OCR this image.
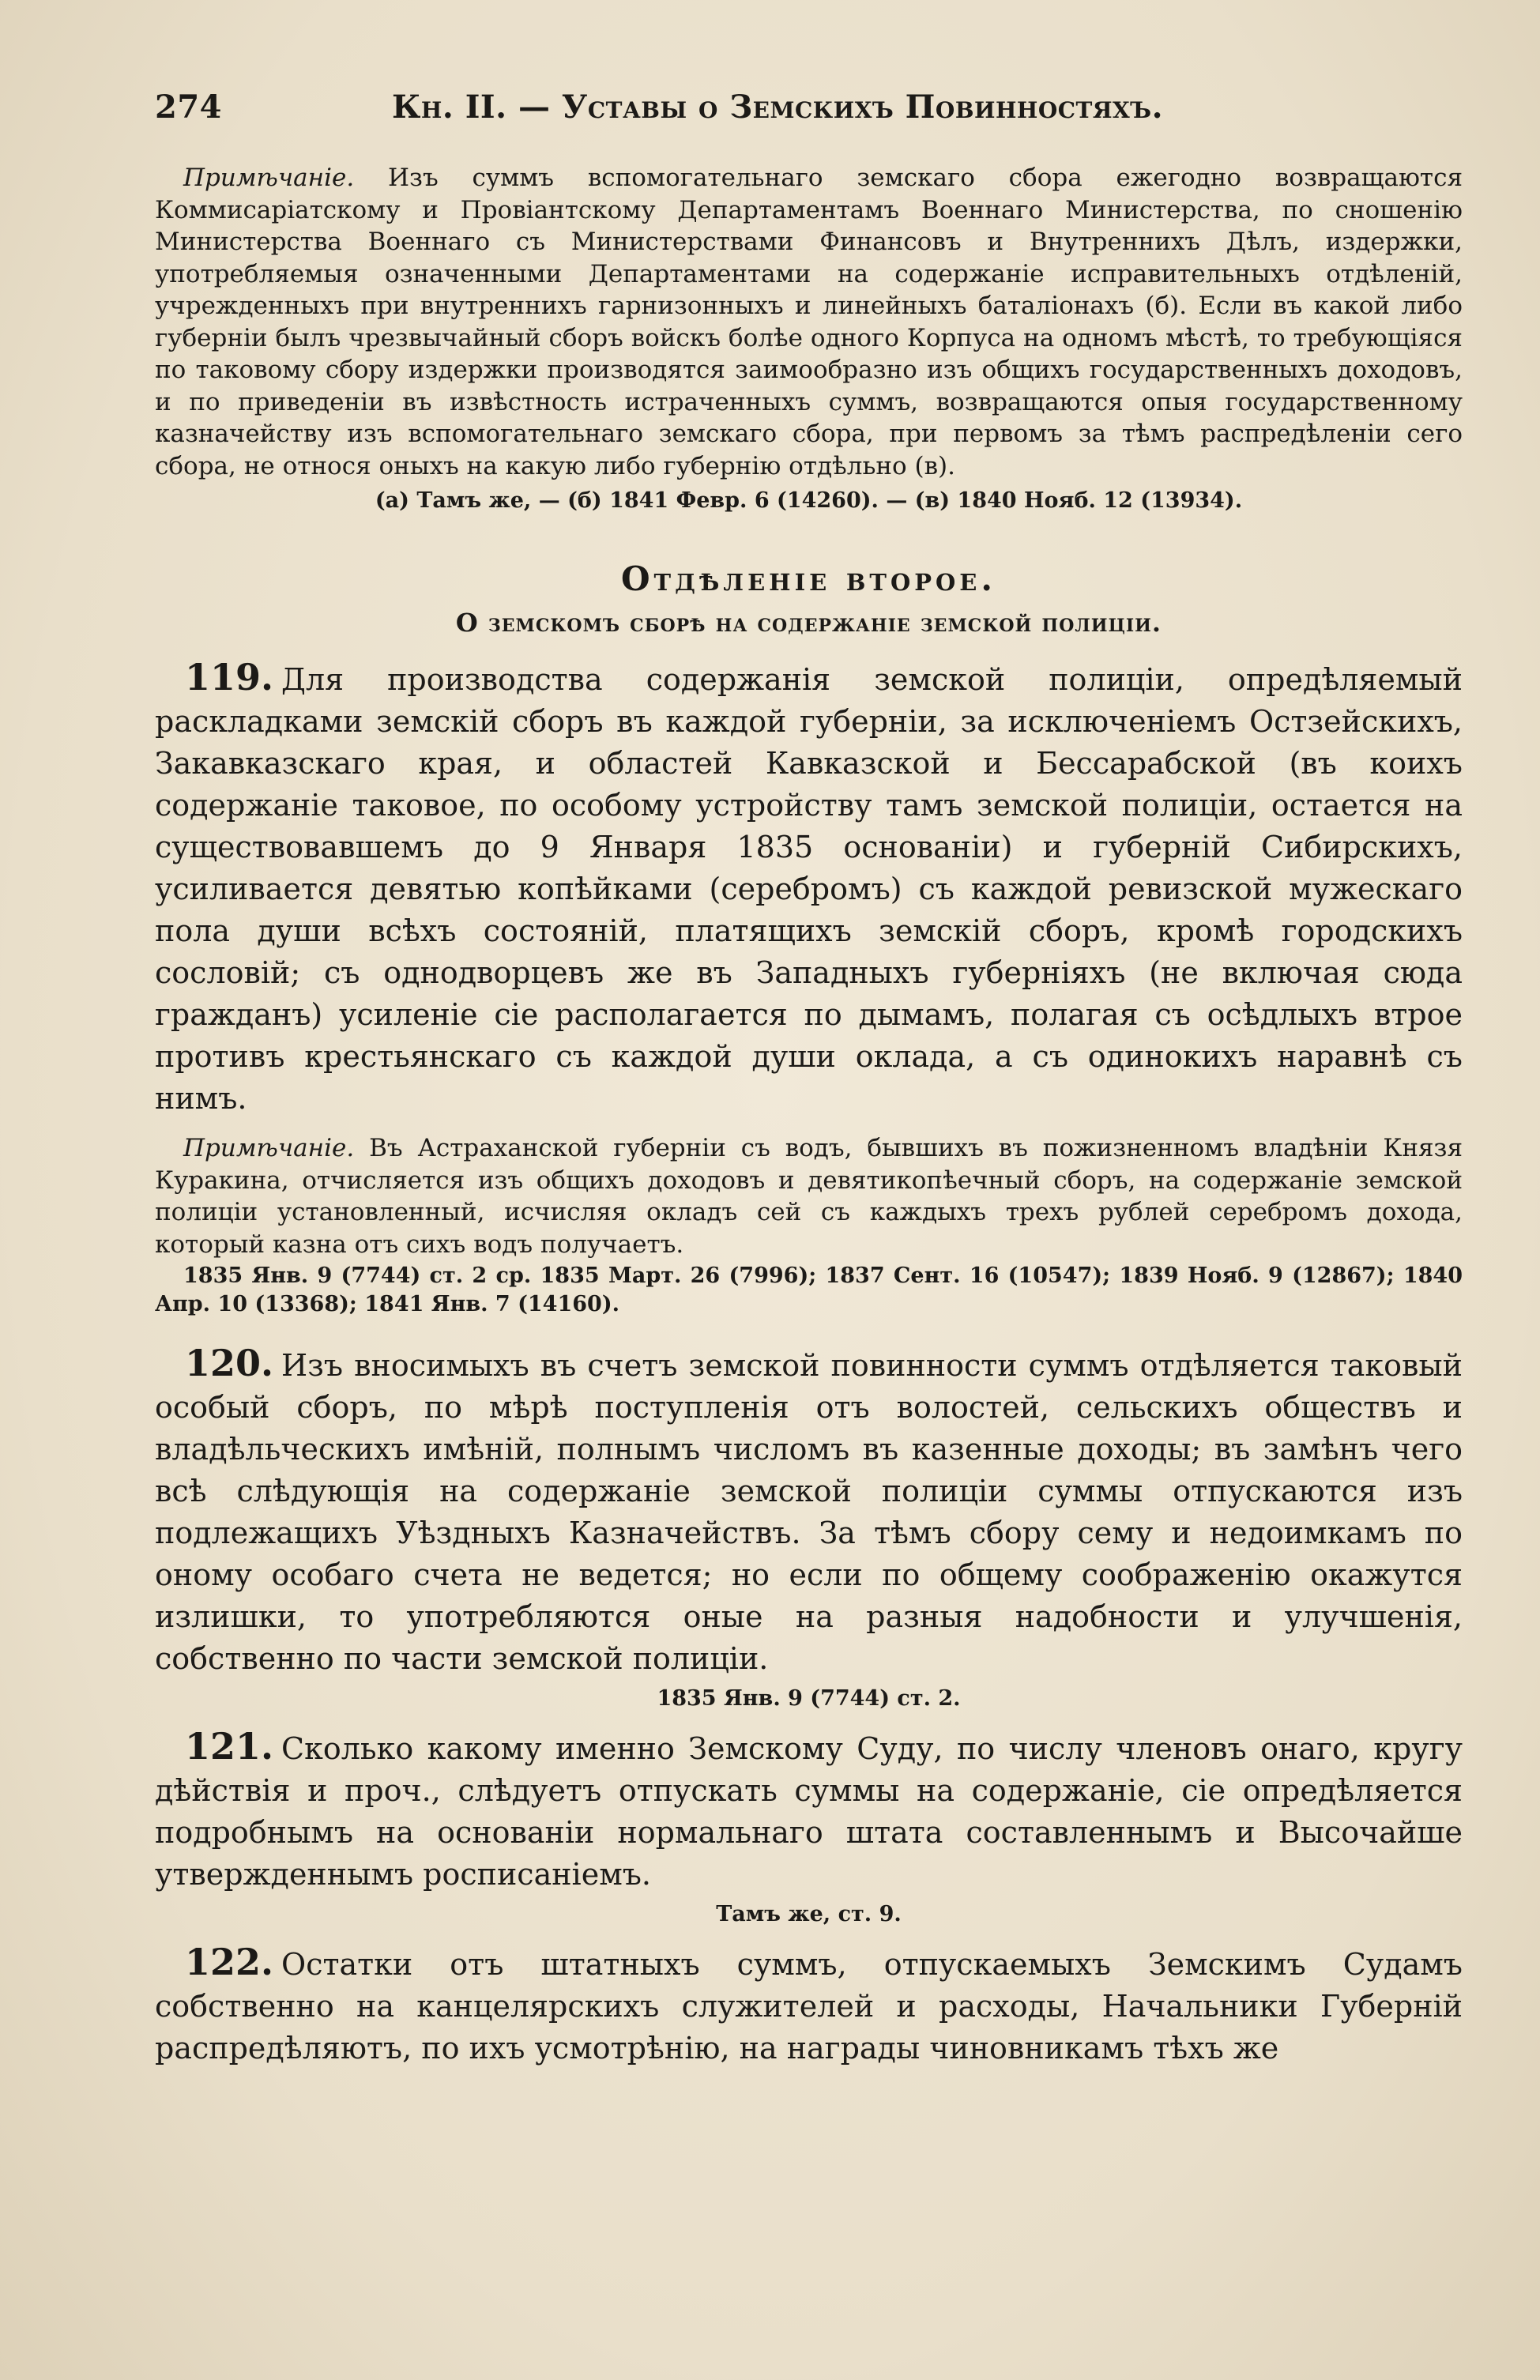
274	Кн. II. — Уставы о Земскихъ Повинностяхъ.

Примѣчаніе. Изъ суммъ вспомогательнаго земскаго сбора ежегодно возвращаются Коммисаріатскому и Провіантскому Департаментамъ Военнаго Министерства, по сношенію Министерства Военнаго съ Министерствами Финансовъ и Внутреннихъ Дѣлъ, издержки, употребляемыя означенными Департаментами на содержаніе исправительныхъ отдѣленій, учрежденныхъ при внутреннихъ гарнизонныхъ и линейныхъ баталіонахъ (б). Если въ какой либо губерніи былъ чрезвычайный сборъ войскъ болѣе одного Корпуса на одномъ мѣстѣ, то требующіяся по таковому сбору издержки производятся заимообразно изъ общихъ государственныхъ доходовъ, и по приведеніи въ извѣстность истраченныхъ суммъ, возвращаются опыя государственному казначейству изъ вспомогательнаго земскаго сбора, при первомъ за тѣмъ распредѣленіи сего сбора, не относя оныхъ на какую либо губернію отдѣльно (в).

(а) Тамъ же, — (б) 1841 Февр. 6 (14260). — (в) 1840 Нояб. 12 (13934).

Отдѣленіе второе.
О земскомъ сборѣ на содержаніе земской полиціи.

119. Для производства содержанія земской полиціи, опредѣляемый раскладками земскій сборъ въ каждой губерніи, за исключеніемъ Остзейскихъ, Закавказскаго края, и областей Кавказской и Бессарабской (въ коихъ содержаніе таковое, по особому устройству тамъ земской полиціи, остается на существовавшемъ до 9 Января 1835 основаніи) и губерній Сибирскихъ, усиливается девятью копѣйками (серебромъ) съ каждой ревизской мужескаго пола души всѣхъ состояній, платящихъ земскій сборъ, кромѣ городскихъ сословій; съ однодворцевъ же въ Западныхъ губерніяхъ (не включая сюда гражданъ) усиленіе сіе располагается по дымамъ, полагая съ осѣдлыхъ втрое противъ крестьянскаго съ каждой души оклада, а съ одинокихъ наравнѣ съ нимъ.

Примѣчаніе. Въ Астраханской губерніи съ водъ, бывшихъ въ пожизненномъ владѣніи Князя Куракина, отчисляется изъ общихъ доходовъ и девятикопѣечный сборъ, на содержаніе земской полиціи установленный, исчисляя окладъ сей съ каждыхъ трехъ рублей серебромъ дохода, который казна отъ сихъ водъ получаетъ.

1835 Янв. 9 (7744) ст. 2 ср. 1835 Март. 26 (7996); 1837 Сент. 16 (10547); 1839 Нояб. 9 (12867); 1840 Апр. 10 (13368); 1841 Янв. 7 (14160).

120. Изъ вносимыхъ въ счетъ земской повинности суммъ отдѣляется таковый особый сборъ, по мѣрѣ поступленія отъ волостей, сельскихъ обществъ и владѣльческихъ имѣній, полнымъ числомъ въ казенные доходы; въ замѣнъ чего всѣ слѣдующія на содержаніе земской полиціи суммы отпускаются изъ подлежащихъ Уѣздныхъ Казначействъ. За тѣмъ сбору сему и недоимкамъ по оному особаго счета не ведется; но если по общему соображенію окажутся излишки, то употребляются оные на разныя надобности и улучшенія, собственно по части земской полиціи.

1835 Янв. 9 (7744) ст. 2.

121. Сколько какому именно Земскому Суду, по числу членовъ онаго, кругу дѣйствія и проч., слѣдуетъ отпускать суммы на содержаніе, сіе опредѣляется подробнымъ на основаніи нормальнаго штата составленнымъ и Высочайше утвержденнымъ росписаніемъ.

Тамъ же, ст. 9.

122. Остатки отъ штатныхъ суммъ, отпускаемыхъ Земскимъ Судамъ собственно на канцелярскихъ служителей и расходы, Начальники Губерній распредѣляютъ, по ихъ усмотрѣнію, на награды чиновникамъ тѣхъ же
